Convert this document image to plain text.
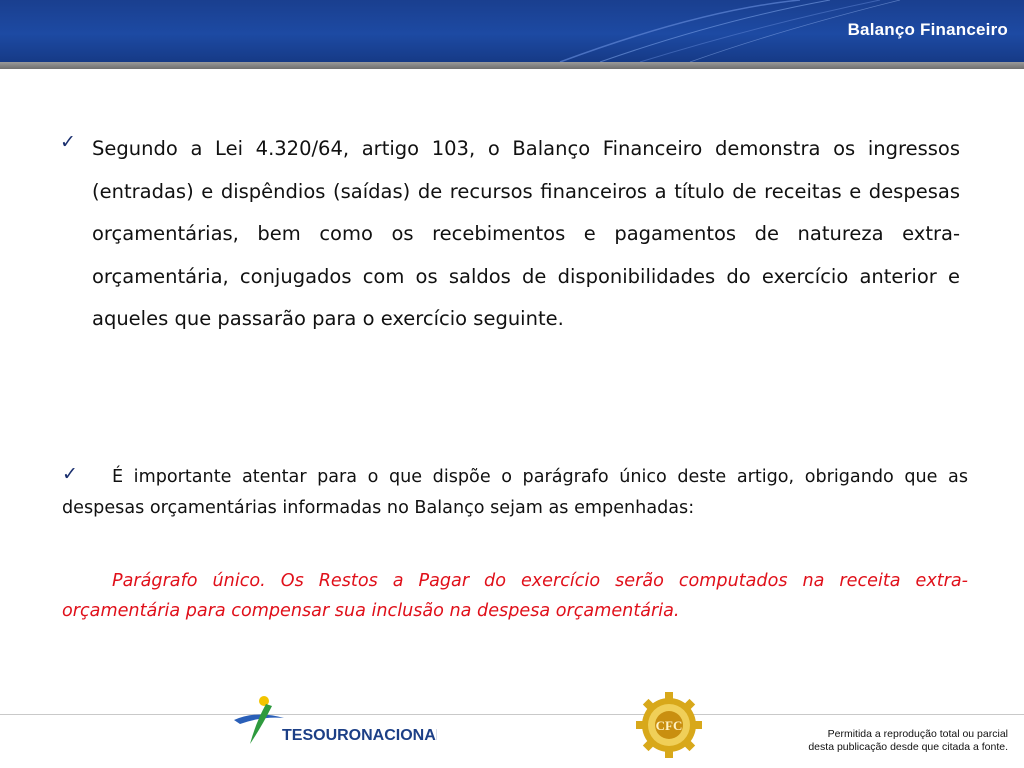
Balanço Financeiro
✓ Segundo a Lei 4.320/64, artigo 103, o Balanço Financeiro demonstra os ingressos (entradas) e dispêndios (saídas) de recursos financeiros a título de receitas e despesas orçamentárias, bem como os recebimentos e pagamentos de natureza extra-orçamentária, conjugados com os saldos de disponibilidades do exercício anterior e aqueles que passarão para o exercício seguinte.

✓	É importante atentar para o que dispõe o parágrafo único deste artigo, obrigando que as despesas orçamentárias informadas no Balanço sejam as empenhadas:

Parágrafo único. Os Restos a Pagar do exercício serão computados na receita extra-orçamentária para compensar sua inclusão na despesa orçamentária.

TESOURONACIONAL
CFC
Permitida a reprodução total ou parcial
desta publicação desde que citada a fonte.
